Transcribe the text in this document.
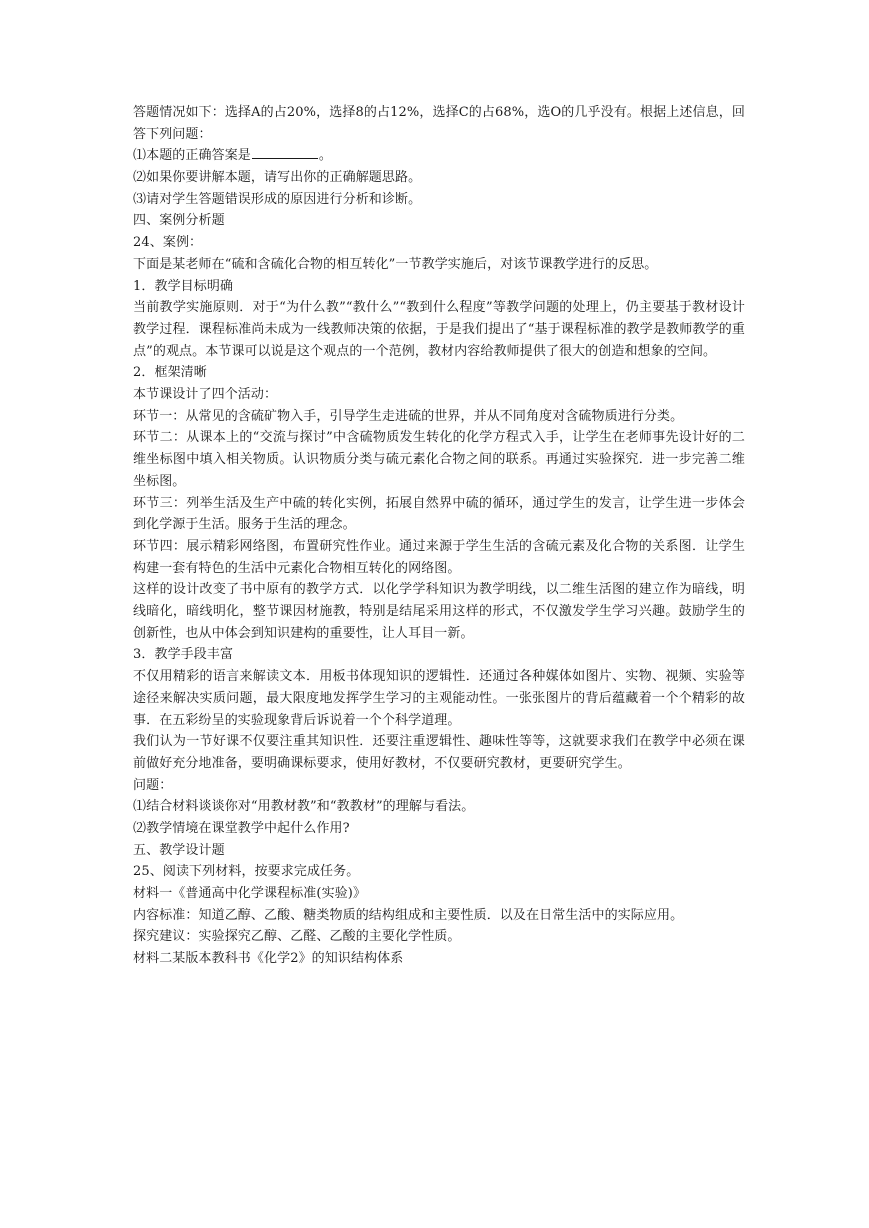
答题情况如下：选择A的占20%，选择8的占12%，选择C的占68%，选O的几乎没有。根据上述信息，回答下列问题：
⑴本题的正确答案是	。
⑵如果你要讲解本题，请写出你的正确解题思路。
⑶请对学生答题错误形成的原因进行分析和诊断。
四、案例分析题
24、案例：
下面是某老师在“硫和含硫化合物的相互转化”一节教学实施后，对该节课教学进行的反思。
1．教学目标明确
当前教学实施原则．对于“为什么教”“教什么”“教到什么程度”等教学问题的处理上，仍主要基于教材设计教学过程．课程标准尚未成为一线教师决策的依据，于是我们提出了“基于课程标准的教学是教师教学的重点”的观点。本节课可以说是这个观点的一个范例，教材内容给教师提供了很大的创造和想象的空间。
2．框架清晰
本节课设计了四个活动：
环节一：从常见的含硫矿物入手，引导学生走进硫的世界，并从不同角度对含硫物质进行分类。
环节二：从课本上的“交流与探讨”中含硫物质发生转化的化学方程式入手，让学生在老师事先设计好的二维坐标图中填入相关物质。认识物质分类与硫元素化合物之间的联系。再通过实验探究．进一步完善二维坐标图。
环节三：列举生活及生产中硫的转化实例，拓展自然界中硫的循环，通过学生的发言，让学生进一步体会到化学源于生活。服务于生活的理念。
环节四：展示精彩网络图，布置研究性作业。通过来源于学生生活的含硫元素及化合物的关系图．让学生构建一套有特色的生活中元素化合物相互转化的网络图。
这样的设计改变了书中原有的教学方式．以化学学科知识为教学明线，以二维生活图的建立作为暗线，明线暗化，暗线明化，整节课因材施教，特别是结尾采用这样的形式，不仅激发学生学习兴趣。鼓励学生的创新性，也从中体会到知识建构的重要性，让人耳目一新。
3．教学手段丰富
不仅用精彩的语言来解读文本．用板书体现知识的逻辑性．还通过各种媒体如图片、实物、视频、实验等途径来解决实质问题，最大限度地发挥学生学习的主观能动性。一张张图片的背后蕴藏着一个个精彩的故事．在五彩纷呈的实验现象背后诉说着一个个科学道理。
我们认为一节好课不仅要注重其知识性．还要注重逻辑性、趣味性等等，这就要求我们在教学中必须在课前做好充分地准备，要明确课标要求，使用好教材，不仅要研究教材，更要研究学生。
问题：
⑴结合材料谈谈你对“用教材教”和“教教材”的理解与看法。
⑵教学情境在课堂教学中起什么作用?
五、教学设计题
25、阅读下列材料，按要求完成任务。
材料一《普通高中化学课程标准(实验)》
内容标准：知道乙醇、乙酸、糖类物质的结构组成和主要性质．以及在日常生活中的实际应用。
探究建议：实验探究乙醇、乙醛、乙酸的主要化学性质。
材料二某版本教科书《化学2》的知识结构体系
